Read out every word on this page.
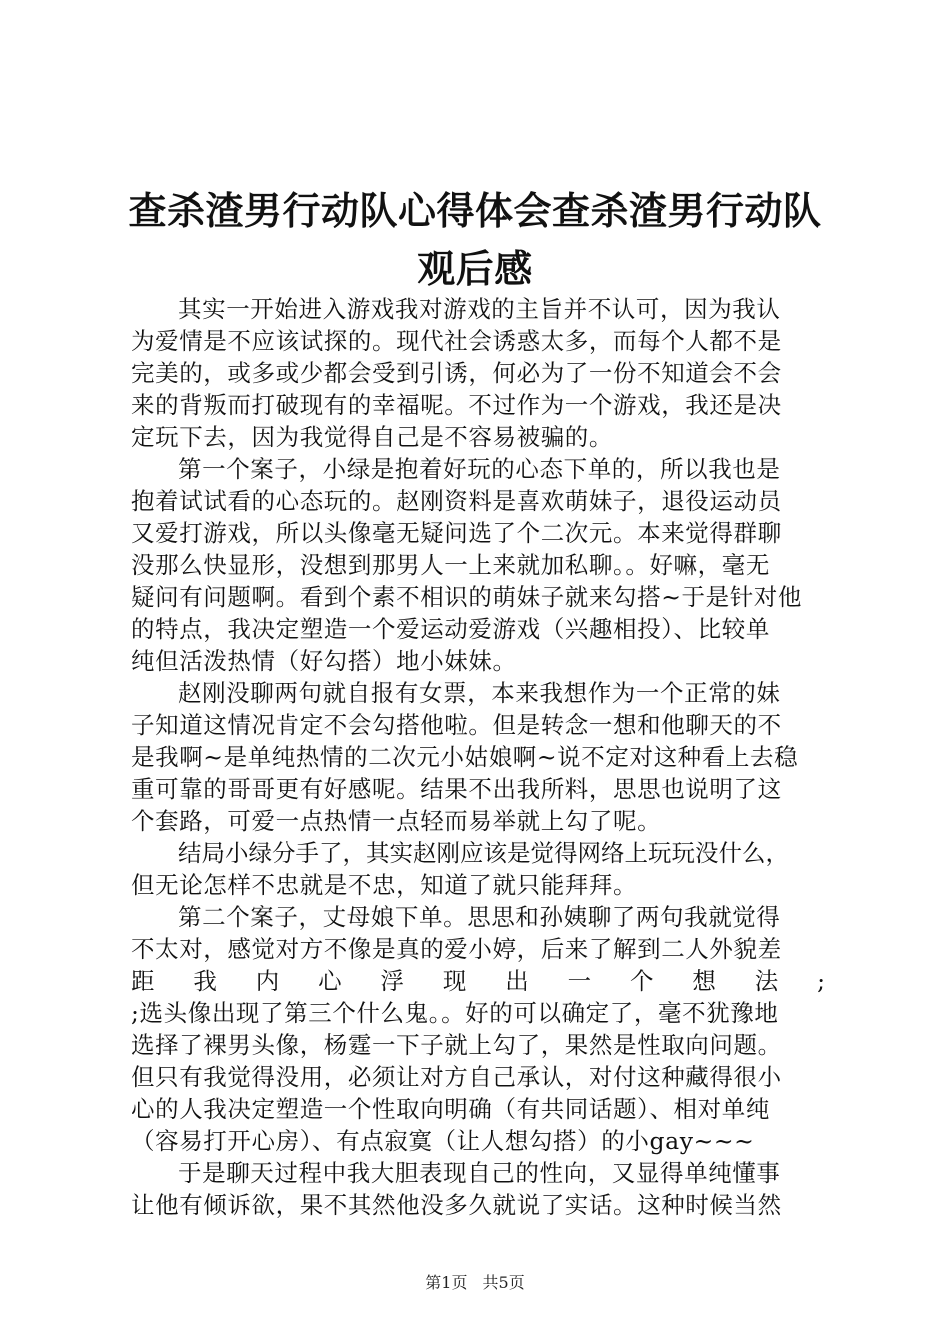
查杀渣男行动队心得体会查杀渣男行动队观后感

其实一开始进入游戏我对游戏的主旨并不认可，因为我认
为爱情是不应该试探的。现代社会诱惑太多，而每个人都不是
完美的，或多或少都会受到引诱，何必为了一份不知道会不会
来的背叛而打破现有的幸福呢。不过作为一个游戏，我还是决
定玩下去，因为我觉得自己是不容易被骗的。

第一个案子，小绿是抱着好玩的心态下单的，所以我也是
抱着试试看的心态玩的。赵刚资料是喜欢萌妹子，退役运动员
又爱打游戏，所以头像毫无疑问选了个二次元。本来觉得群聊
没那么快显形，没想到那男人一上来就加私聊。。好嘛，毫无
疑问有问题啊。看到个素不相识的萌妹子就来勾搭~于是针对他
的特点，我决定塑造一个爱运动爱游戏（兴趣相投）、比较单
纯但活泼热情（好勾搭）地小妹妹。

赵刚没聊两句就自报有女票，本来我想作为一个正常的妹
子知道这情况肯定不会勾搭他啦。但是转念一想和他聊天的不
是我啊~是单纯热情的二次元小姑娘啊~说不定对这种看上去稳
重可靠的哥哥更有好感呢。结果不出我所料，思思也说明了这
个套路，可爱一点热情一点轻而易举就上勾了呢。

结局小绿分手了，其实赵刚应该是觉得网络上玩玩没什么，
但无论怎样不忠就是不忠，知道了就只能拜拜。

第二个案子，丈母娘下单。思思和孙姨聊了两句我就觉得
不太对，感觉对方不像是真的爱小婷，后来了解到二人外貌差
距我内心浮现出一个想法;
;选头像出现了第三个什么鬼。。好的可以确定了，毫不犹豫地
选择了裸男头像，杨霆一下子就上勾了，果然是性取向问题。
但只有我觉得没用，必须让对方自己承认，对付这种藏得很小
心的人我决定塑造一个性取向明确（有共同话题）、相对单纯
（容易打开心房）、有点寂寞（让人想勾搭）的小gay~~~

于是聊天过程中我大胆表现自己的性向，又显得单纯懂事
让他有倾诉欲，果不其然他没多久就说了实话。这种时候当然

第1页 共5页
